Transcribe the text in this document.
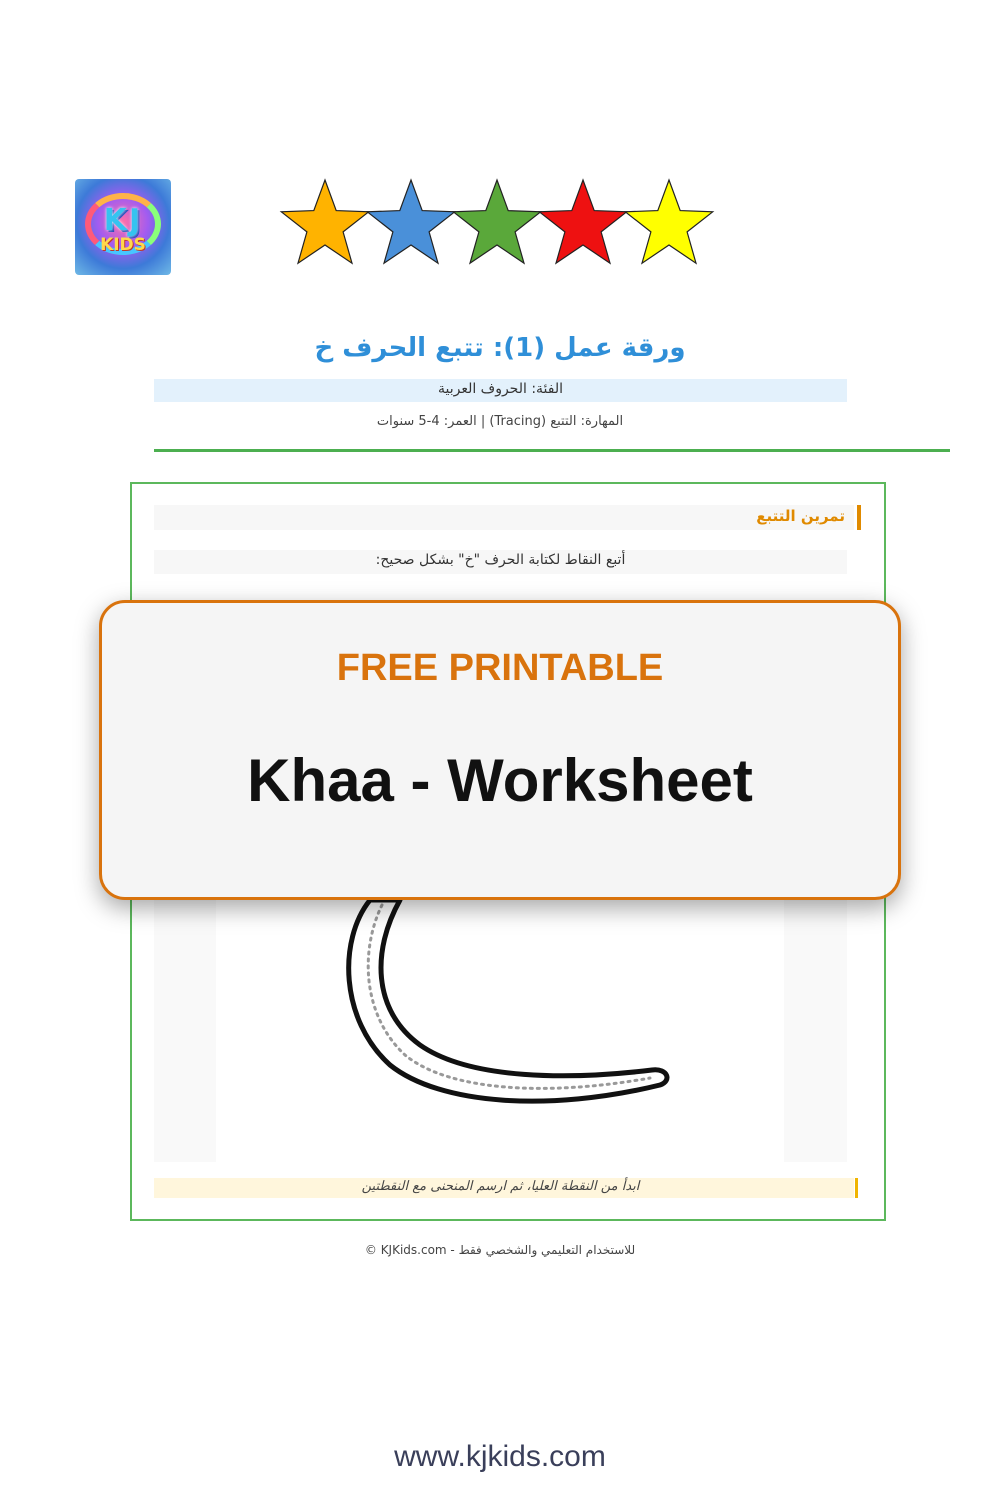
KJ
KIDS
ورقة عمل (1): تتبع الحرف خ
الفئة: الحروف العربية
المهارة: التتبع (Tracing) | العمر: 4-5 سنوات
تمرين التتبع
أتبع النقاط لكتابة الحرف "خ" بشكل صحيح:
ابدأ من النقطة العليا، ثم ارسم المنحنى مع النقطتين
© KJKids.com - للاستخدام التعليمي والشخصي فقط
FREE PRINTABLE
Khaa - Worksheet
www.kjkids.com
